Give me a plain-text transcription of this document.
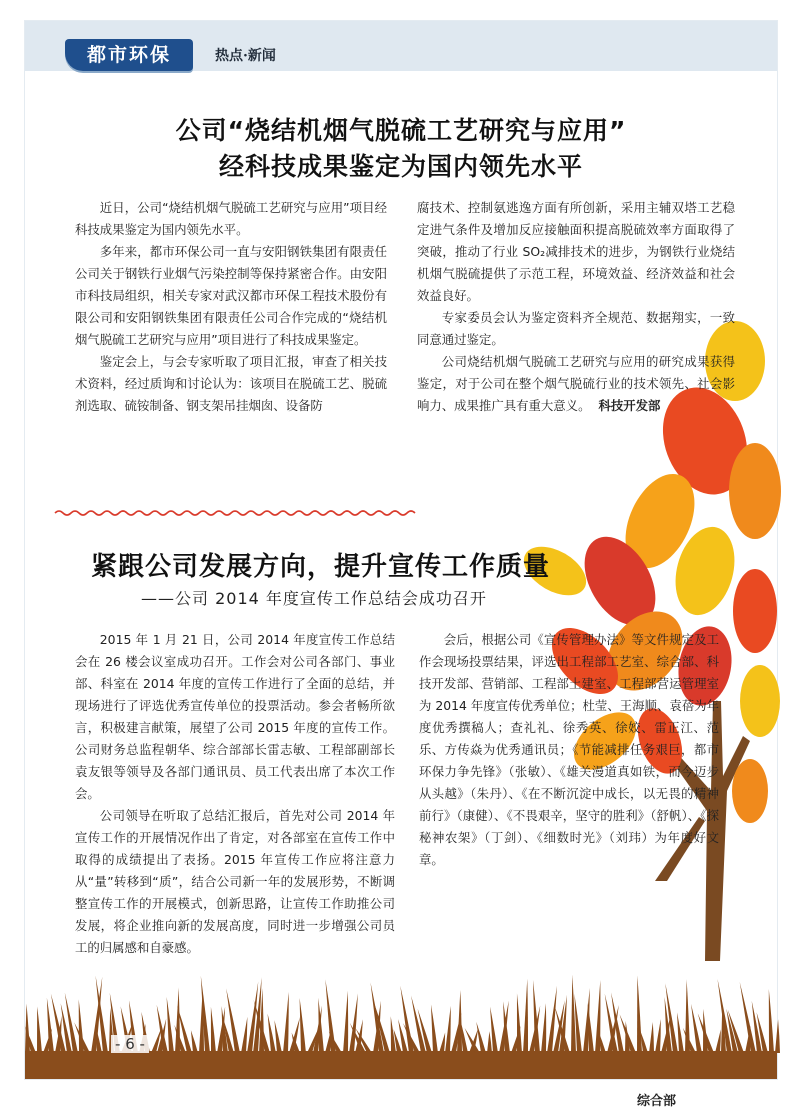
都市环保	热点·新闻
公司“烧结机烟气脱硫工艺研究与应用”
经科技成果鉴定为国内领先水平

近日，公司“烧结机烟气脱硫工艺研究与应用”项目经科技成果鉴定为国内领先水平。

多年来，都市环保公司一直与安阳钢铁集团有限责任公司关于钢铁行业烟气污染控制等保持紧密合作。由安阳市科技局组织，相关专家对武汉都市环保工程技术股份有限公司和安阳钢铁集团有限责任公司合作完成的“烧结机烟气脱硫工艺研究与应用”项目进行了科技成果鉴定。

鉴定会上，与会专家听取了项目汇报，审查了相关技术资料，经过质询和讨论认为：该项目在脱硫工艺、脱硫剂选取、硫铵制备、钢支架吊挂烟囱、设备防

腐技术、控制氨逃逸方面有所创新，采用主辅双塔工艺稳定进气条件及增加反应接触面积提高脱硫效率方面取得了突破，推动了行业 SO₂减排技术的进步，为钢铁行业烧结机烟气脱硫提供了示范工程，环境效益、经济效益和社会效益良好。

专家委员会认为鉴定资料齐全规范、数据翔实，一致同意通过鉴定。

公司烧结机烟气脱硫工艺研究与应用的研究成果获得鉴定，对于公司在整个烟气脱硫行业的技术领先、社会影响力、成果推广具有重大意义。 科技开发部

紧跟公司发展方向，提升宣传工作质量
——公司 2014 年度宣传工作总结会成功召开

2015 年 1 月 21 日，公司 2014 年度宣传工作总结会在 26 楼会议室成功召开。工作会对公司各部门、事业部、科室在 2014 年度的宣传工作进行了全面的总结，并现场进行了评选优秀宣传单位的投票活动。参会者畅所欲言，积极建言献策，展望了公司 2015 年度的宣传工作。公司财务总监程朝华、综合部部长雷志敏、工程部副部长袁友银等领导及各部门通讯员、员工代表出席了本次工作会。

公司领导在听取了总结汇报后，首先对公司 2014 年宣传工作的开展情况作出了肯定，对各部室在宣传工作中取得的成绩提出了表扬。2015 年宣传工作应将注意力从“量”转移到“质”，结合公司新一年的发展形势，不断调整宣传工作的开展模式，创新思路，让宣传工作助推公司发展，将企业推向新的发展高度，同时进一步增强公司员工的归属感和自豪感。

会后，根据公司《宣传管理办法》等文件规定及工作会现场投票结果，评选出工程部工艺室、综合部、科技开发部、营销部、工程部土建室、工程部营运管理室为 2014 年度宣传优秀单位；杜莹、王海顺、袁蓓为年度优秀撰稿人；查礼礼、徐秀英、徐姣、雷正江、范乐、方传焱为优秀通讯员；《节能减排任务艰巨，都市环保力争先锋》（张敏）、《雄关漫道真如铁，而今迈步从头越》（朱丹）、《在不断沉淀中成长，以无畏的精神前行》（康健）、《不畏艰辛，坚守的胜利》（舒帆）、《探秘神农架》（丁剑）、《细数时光》（刘玮）为年度好文章。

综合部
- 6 -
